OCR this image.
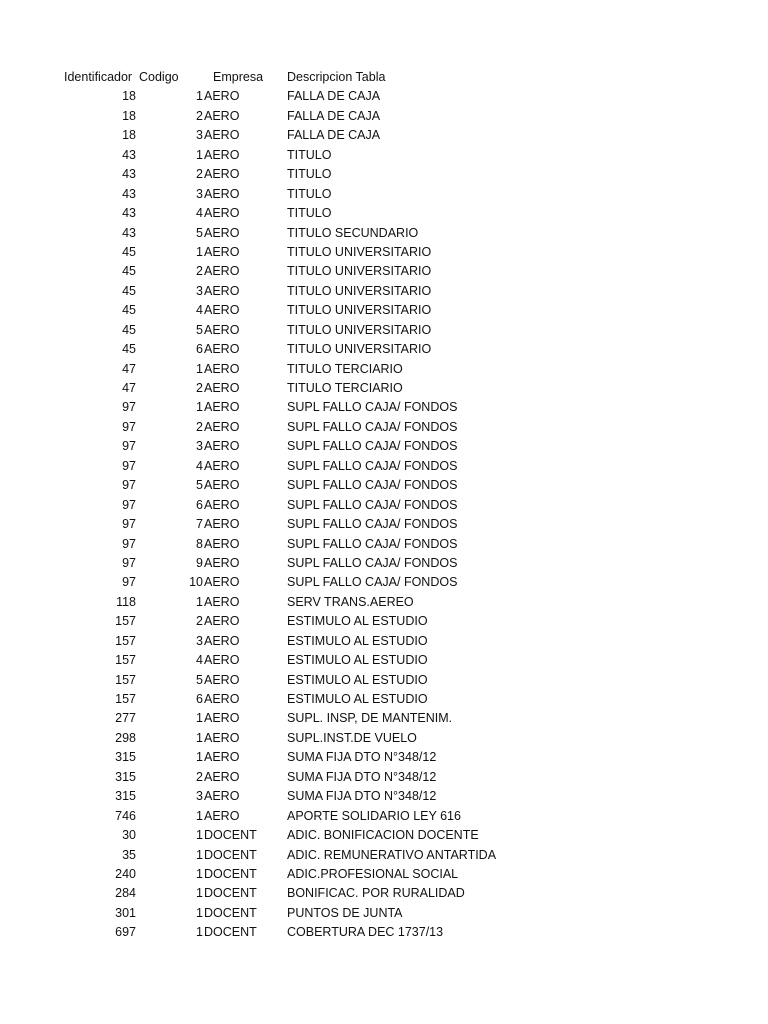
Identificador Codigo	Empresa Descripcion Tabla
18	1 AERO	FALLA DE CAJA
18	2 AERO	FALLA DE CAJA
18	3 AERO	FALLA DE CAJA
43	1 AERO	TITULO
43	2 AERO	TITULO
43	3 AERO	TITULO
43	4 AERO	TITULO
43	5 AERO	TITULO SECUNDARIO
45	1 AERO	TITULO UNIVERSITARIO
45	2 AERO	TITULO UNIVERSITARIO
45	3 AERO	TITULO UNIVERSITARIO
45	4 AERO	TITULO UNIVERSITARIO
45	5 AERO	TITULO UNIVERSITARIO
45	6 AERO	TITULO UNIVERSITARIO
47	1 AERO	TITULO TERCIARIO
47	2 AERO	TITULO TERCIARIO
97	1 AERO	SUPL FALLO CAJA/ FONDOS
97	2 AERO	SUPL FALLO CAJA/ FONDOS
97	3 AERO	SUPL FALLO CAJA/ FONDOS
97	4 AERO	SUPL FALLO CAJA/ FONDOS
97	5 AERO	SUPL FALLO CAJA/ FONDOS
97	6 AERO	SUPL FALLO CAJA/ FONDOS
97	7 AERO	SUPL FALLO CAJA/ FONDOS
97	8 AERO	SUPL FALLO CAJA/ FONDOS
97	9 AERO	SUPL FALLO CAJA/ FONDOS
97	10 AERO	SUPL FALLO CAJA/ FONDOS
118	1 AERO	SERV TRANS.AEREO
157	2 AERO	ESTIMULO AL ESTUDIO
157	3 AERO	ESTIMULO AL ESTUDIO
157	4 AERO	ESTIMULO AL ESTUDIO
157	5 AERO	ESTIMULO AL ESTUDIO
157	6 AERO	ESTIMULO AL ESTUDIO
277	1 AERO	SUPL. INSP, DE MANTENIM.
298	1 AERO	SUPL.INST.DE VUELO
315	1 AERO	SUMA FIJA DTO N°348/12
315	2 AERO	SUMA FIJA DTO N°348/12
315	3 AERO	SUMA FIJA DTO N°348/12
746	1 AERO	APORTE SOLIDARIO LEY 616
30	1 DOCENT	ADIC. BONIFICACION DOCENTE
35	1 DOCENT	ADIC. REMUNERATIVO ANTARTIDA
240	1 DOCENT	ADIC.PROFESIONAL SOCIAL
284	1 DOCENT	BONIFICAC. POR RURALIDAD
301	1 DOCENT	PUNTOS DE JUNTA
697	1 DOCENT	COBERTURA DEC 1737/13
